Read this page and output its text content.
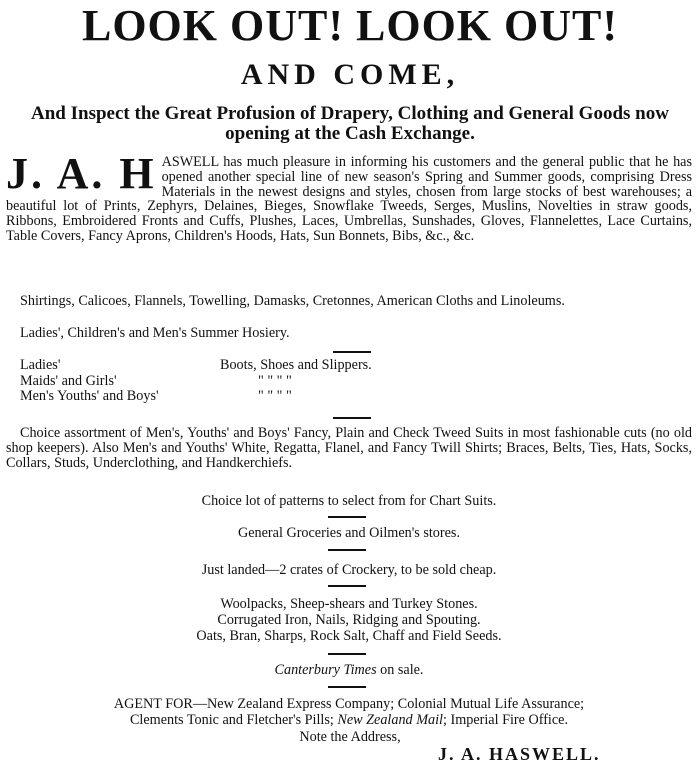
LOOK OUT! LOOK OUT!
AND COME,
And Inspect the Great Profusion of Drapery, Clothing and General Goods now opening at the Cash Exchange.
J. A. H ASWELL has much pleasure in informing his customers and the general public that he has opened another special line of new season's Spring and Summer goods, comprising Dress Materials in the newest designs and styles, chosen from large stocks of best warehouses; a beautiful lot of Prints, Zephyrs, Delaines, Bieges, Snowflake Tweeds, Serges, Muslins, Novelties in straw goods, Ribbons, Embroidered Fronts and Cuffs, Plushes, Laces, Umbrellas, Sunshades, Gloves, Flannelettes, Lace Curtains, Table Covers, Fancy Aprons, Children's Hoods, Hats, Sun Bonnets, Bibs, &c., &c.
Shirtings, Calicoes, Flannels, Towelling, Damasks, Cretonnes, American Cloths and Linoleums.
Ladies', Children's and Men's Summer Hosiery.
Ladies'	Boots, Shoes and Slippers.
Maids' and Girls'	" " " "
Men's Youths' and Boys'	" " " "
Choice assortment of Men's, Youths' and Boys' Fancy, Plain and Check Tweed Suits in most fashionable cuts (no old shop keepers). Also Men's and Youths' White, Regatta, Flanel, and Fancy Twill Shirts; Braces, Belts, Ties, Hats, Socks, Collars, Studs, Underclothing, and Handkerchiefs.
Choice lot of patterns to select from for Chart Suits.
General Groceries and Oilmen's stores.
Just landed—2 crates of Crockery, to be sold cheap.
Woolpacks, Sheep-shears and Turkey Stones.
Corrugated Iron, Nails, Ridging and Spouting.
Oats, Bran, Sharps, Rock Salt, Chaff and Field Seeds.
Canterbury Times on sale.
AGENT FOR—New Zealand Express Company; Colonial Mutual Life Assurance;
Clements Tonic and Fletcher's Pills; New Zealand Mail; Imperial Fire Office.
Note the Address,
J. A. HASWELL.
